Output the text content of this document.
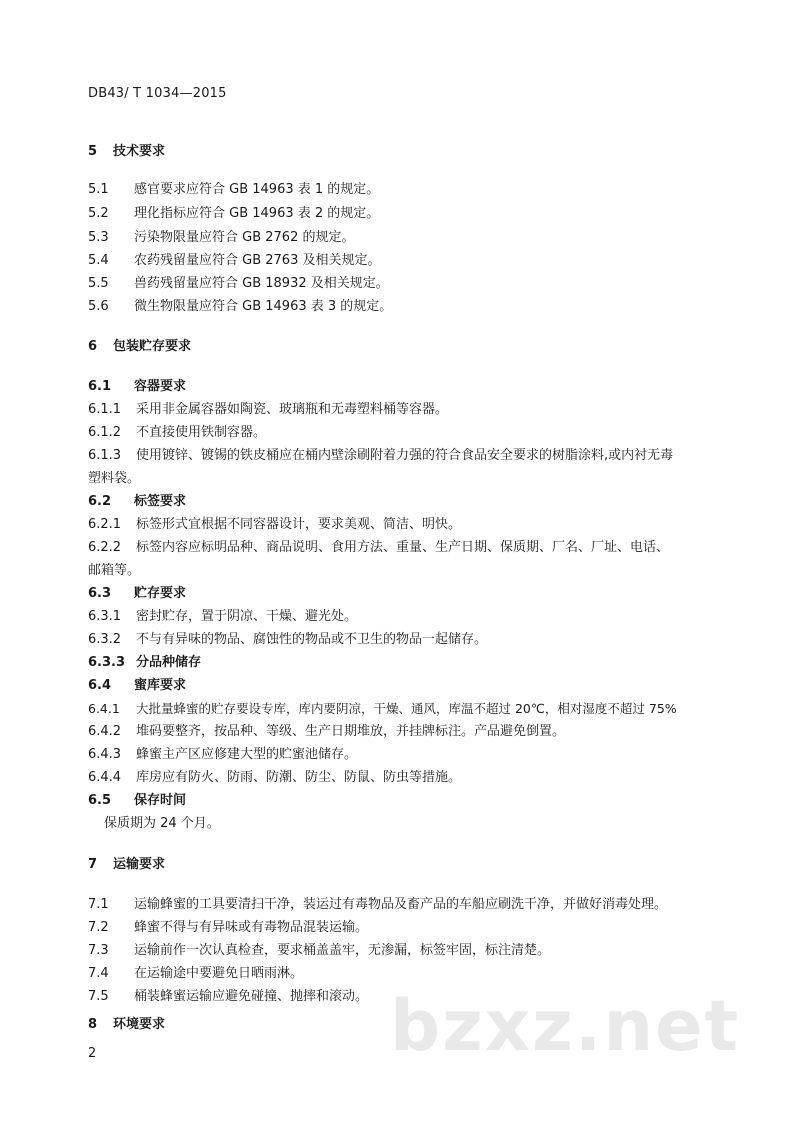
DB43/ T 1034—2015
5 技术要求
5.1 感官要求应符合 GB 14963 表 1 的规定。
5.2 理化指标应符合 GB 14963 表 2 的规定。
5.3 污染物限量应符合 GB 2762 的规定。
5.4 农药残留量应符合 GB 2763 及相关规定。
5.5 兽药残留量应符合 GB 18932 及相关规定。
5.6 微生物限量应符合 GB 14963 表 3 的规定。
6 包装贮存要求
6.1 容器要求
6.1.1 采用非金属容器如陶瓷、玻璃瓶和无毒塑料桶等容器。
6.1.2 不直接使用铁制容器。
6.1.3 使用镀锌、镀锡的铁皮桶应在桶内壁涂刷附着力强的符合食品安全要求的树脂涂料,或内衬无毒
塑料袋。
6.2 标签要求
6.2.1 标签形式宜根据不同容器设计，要求美观、简洁、明快。
6.2.2 标签内容应标明品种、商品说明、食用方法、重量、生产日期、保质期、厂名、厂址、电话、
邮箱等。
6.3 贮存要求
6.3.1 密封贮存，置于阴凉、干燥、避光处。
6.3.2 不与有异味的物品、腐蚀性的物品或不卫生的物品一起储存。
6.3.3 分品种储存
6.4 蜜库要求
6.4.1 大批量蜂蜜的贮存要设专库，库内要阴凉，干燥、通风，库温不超过 20℃，相对湿度不超过 75%
6.4.2 堆码要整齐，按品种、等级、生产日期堆放，并挂牌标注。产品避免倒置。
6.4.3 蜂蜜主产区应修建大型的贮蜜池储存。
6.4.4 库房应有防火、防雨、防潮、防尘、防鼠、防虫等措施。
6.5 保存时间
保质期为 24 个月。
7 运输要求
7.1 运输蜂蜜的工具要清扫干净，装运过有毒物品及畜产品的车船应刷洗干净，并做好消毒处理。
7.2 蜂蜜不得与有异味或有毒物品混装运输。
7.3 运输前作一次认真检查，要求桶盖盖牢，无渗漏，标签牢固，标注清楚。
7.4 在运输途中要避免日晒雨淋。
7.5 桶装蜂蜜运输应避免碰撞、抛摔和滚动。
8 环境要求	bzxz.net
2
